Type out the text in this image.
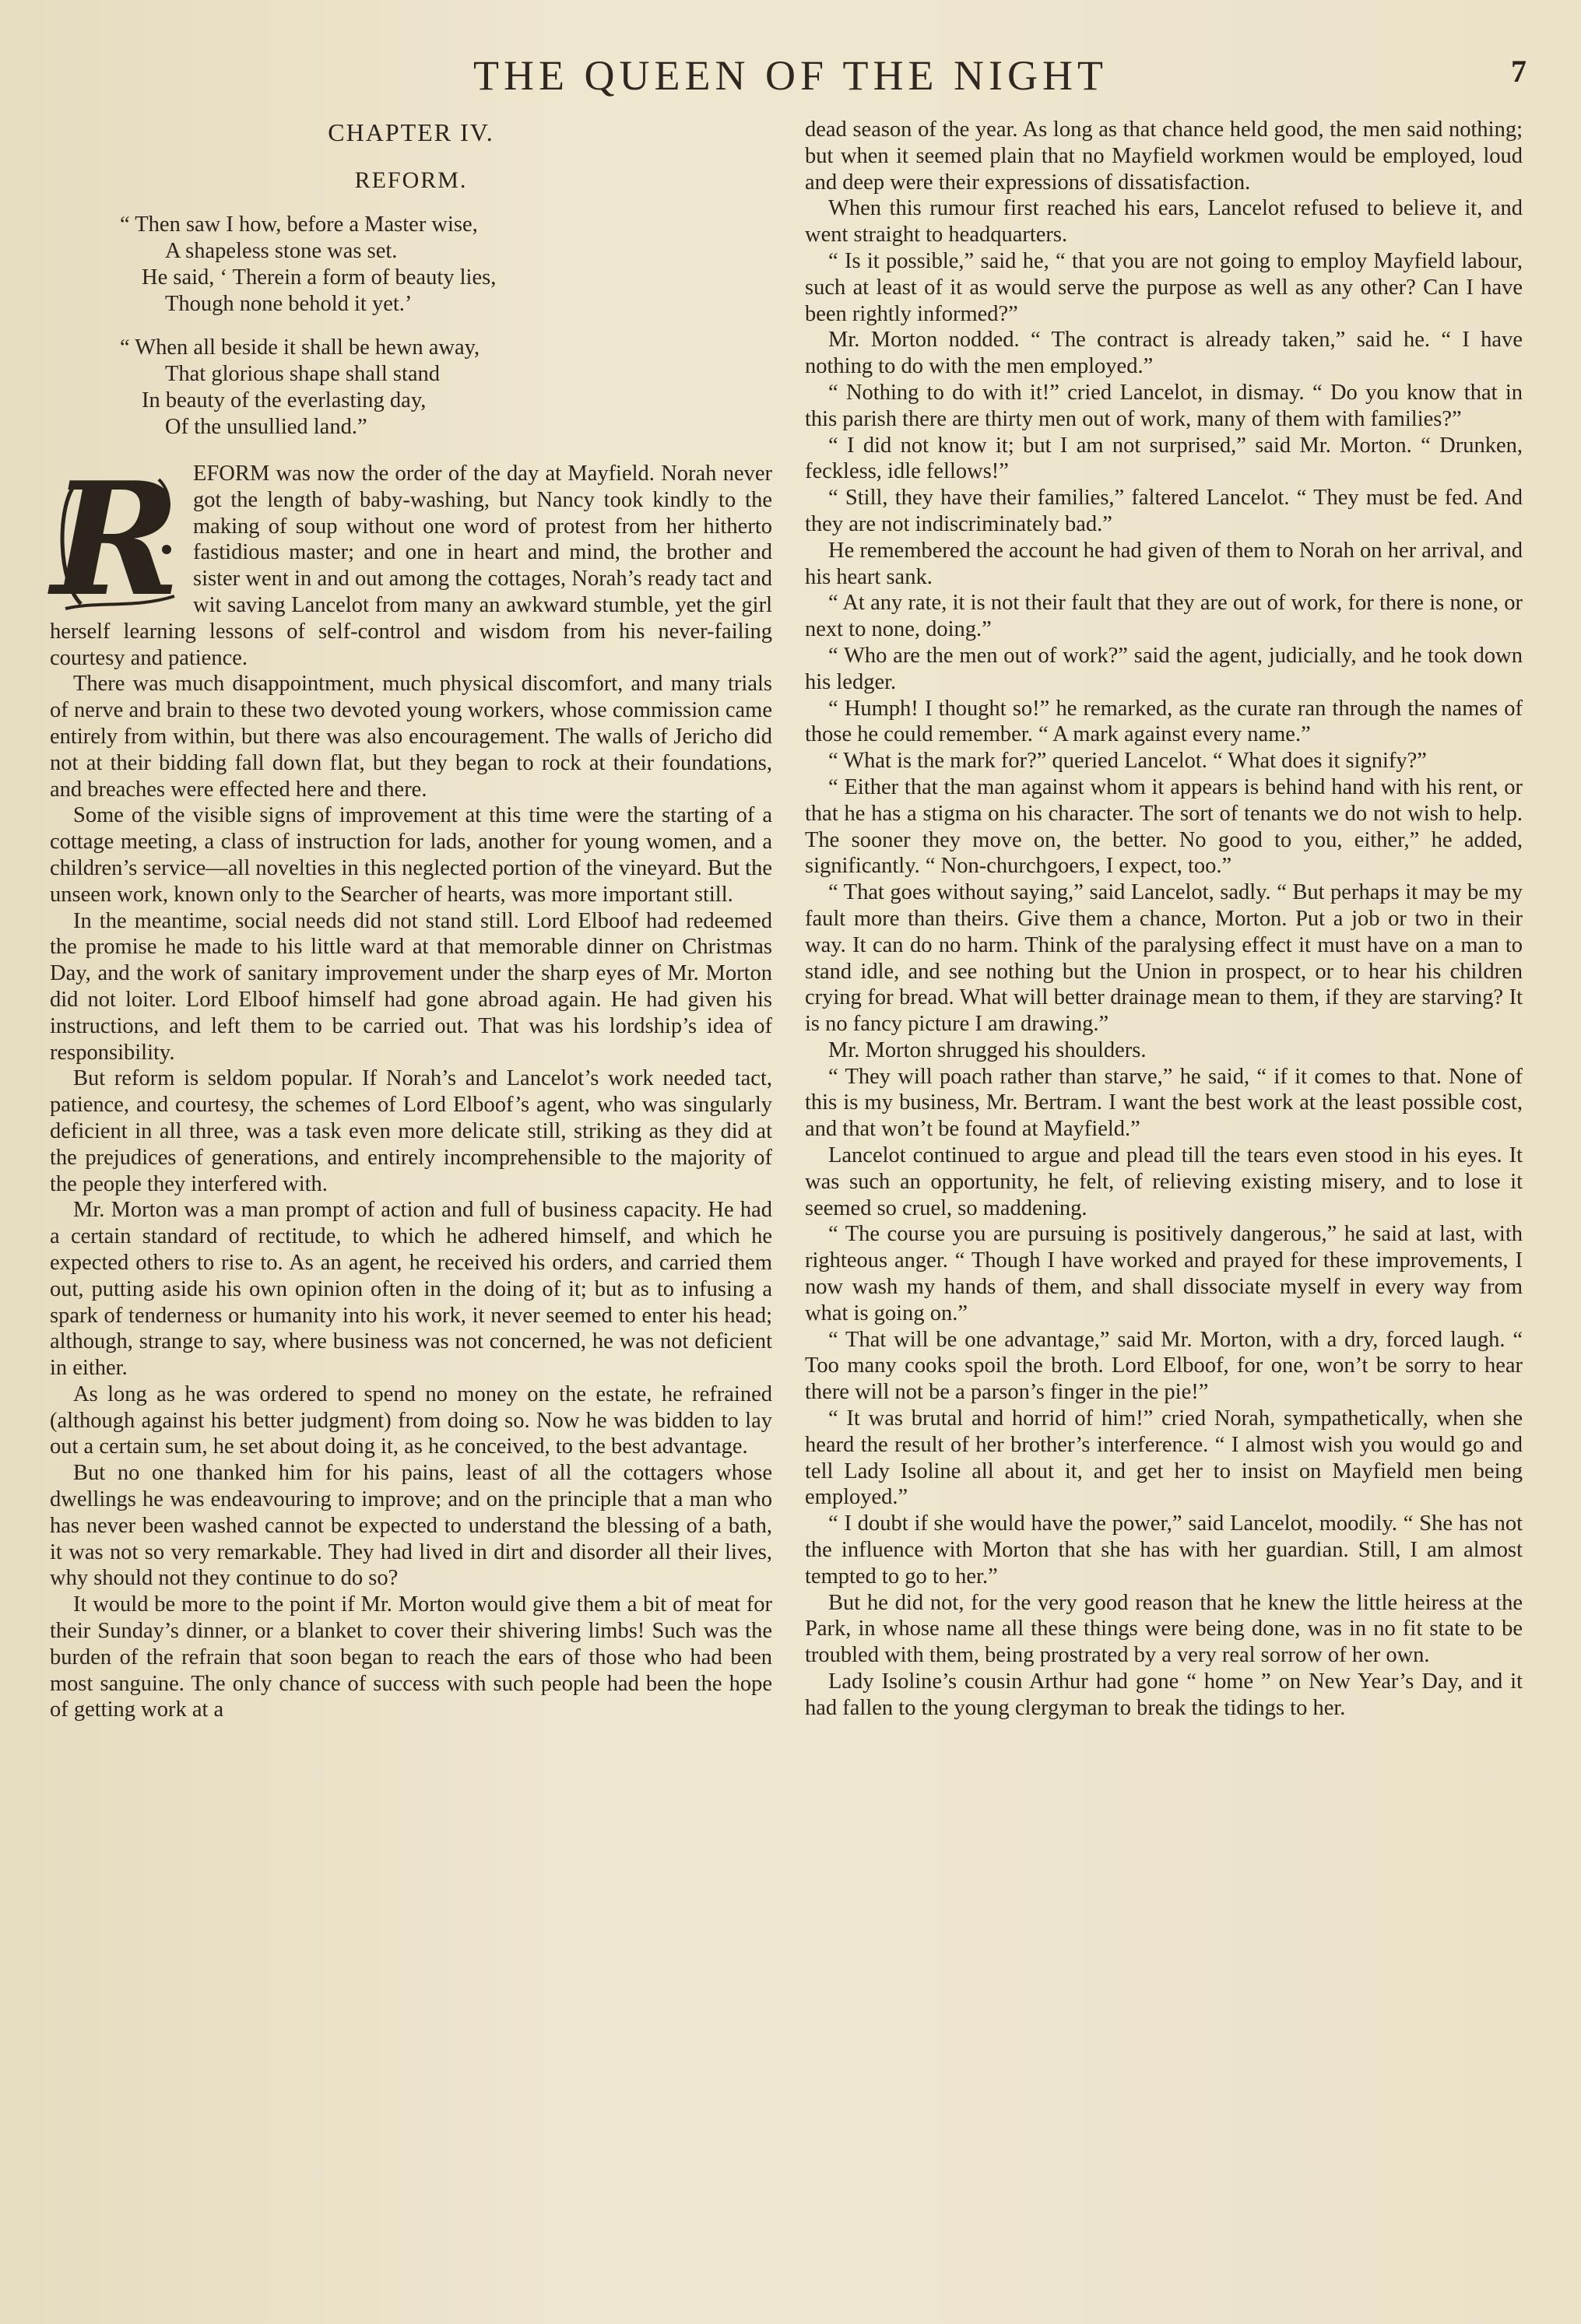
THE QUEEN OF THE NIGHT	7
CHAPTER IV.
REFORM.
“ Then saw I how, before a Master wise,
A shapeless stone was set.
He said, ‘ Therein a form of beauty lies,
Though none behold it yet.’
“ When all beside it shall be hewn away,
That glorious shape shall stand
In beauty of the everlasting day,
Of the unsullied land.”
R EFORM was now the order of the day at Mayfield. Norah never got the length of baby-washing, but Nancy took kindly to the making of soup without one word of protest from her hitherto fastidious master; and one in heart and mind, the brother and sister went in and out among the cottages, Norah’s ready tact and wit saving Lancelot from many an awkward stumble, yet the girl herself learning lessons of self-control and wisdom from his never-failing courtesy and patience.

There was much disappointment, much physical discomfort, and many trials of nerve and brain to these two devoted young workers, whose commission came entirely from within, but there was also encouragement. The walls of Jericho did not at their bidding fall down flat, but they began to rock at their foundations, and breaches were effected here and there.

Some of the visible signs of improvement at this time were the starting of a cottage meeting, a class of instruction for lads, another for young women, and a children’s service—all novelties in this neglected portion of the vineyard. But the unseen work, known only to the Searcher of hearts, was more important still.

In the meantime, social needs did not stand still. Lord Elboof had redeemed the promise he made to his little ward at that memorable dinner on Christmas Day, and the work of sanitary improvement under the sharp eyes of Mr. Morton did not loiter. Lord Elboof himself had gone abroad again. He had given his instructions, and left them to be carried out. That was his lordship’s idea of responsibility.

But reform is seldom popular. If Norah’s and Lancelot’s work needed tact, patience, and courtesy, the schemes of Lord Elboof’s agent, who was singularly deficient in all three, was a task even more delicate still, striking as they did at the prejudices of generations, and entirely incomprehensible to the majority of the people they interfered with.

Mr. Morton was a man prompt of action and full of business capacity. He had a certain standard of rectitude, to which he adhered himself, and which he expected others to rise to. As an agent, he received his orders, and carried them out, putting aside his own opinion often in the doing of it; but as to infusing a spark of tenderness or humanity into his work, it never seemed to enter his head; although, strange to say, where business was not concerned, he was not deficient in either.

As long as he was ordered to spend no money on the estate, he refrained (although against his better judgment) from doing so. Now he was bidden to lay out a certain sum, he set about doing it, as he conceived, to the best advantage.

But no one thanked him for his pains, least of all the cottagers whose dwellings he was endeavouring to improve; and on the principle that a man who has never been washed cannot be expected to understand the blessing of a bath, it was not so very remarkable. They had lived in dirt and disorder all their lives, why should not they continue to do so?

It would be more to the point if Mr. Morton would give them a bit of meat for their Sunday’s dinner, or a blanket to cover their shivering limbs! Such was the burden of the refrain that soon began to reach the ears of those who had been most sanguine. The only chance of success with such people had been the hope of getting work at a

dead season of the year. As long as that chance held good, the men said nothing; but when it seemed plain that no Mayfield workmen would be employed, loud and deep were their expressions of dissatisfaction.

When this rumour first reached his ears, Lancelot refused to believe it, and went straight to headquarters.

“ Is it possible,” said he, “ that you are not going to employ Mayfield labour, such at least of it as would serve the purpose as well as any other? Can I have been rightly informed?”

Mr. Morton nodded. “ The contract is already taken,” said he. “ I have nothing to do with the men employed.”

“ Nothing to do with it!” cried Lancelot, in dismay. “ Do you know that in this parish there are thirty men out of work, many of them with families?”

“ I did not know it; but I am not surprised,” said Mr. Morton. “ Drunken, feckless, idle fellows!”

“ Still, they have their families,” faltered Lancelot. “ They must be fed. And they are not indiscriminately bad.”

He remembered the account he had given of them to Norah on her arrival, and his heart sank.

“ At any rate, it is not their fault that they are out of work, for there is none, or next to none, doing.”

“ Who are the men out of work?” said the agent, judicially, and he took down his ledger.

“ Humph! I thought so!” he remarked, as the curate ran through the names of those he could remember. “ A mark against every name.”

“ What is the mark for?” queried Lancelot. “ What does it signify?”

“ Either that the man against whom it appears is behind hand with his rent, or that he has a stigma on his character. The sort of tenants we do not wish to help. The sooner they move on, the better. No good to you, either,” he added, significantly. “ Non-churchgoers, I expect, too.”

“ That goes without saying,” said Lancelot, sadly. “ But perhaps it may be my fault more than theirs. Give them a chance, Morton. Put a job or two in their way. It can do no harm. Think of the paralysing effect it must have on a man to stand idle, and see nothing but the Union in prospect, or to hear his children crying for bread. What will better drainage mean to them, if they are starving? It is no fancy picture I am drawing.”

Mr. Morton shrugged his shoulders.

“ They will poach rather than starve,” he said, “ if it comes to that. None of this is my business, Mr. Bertram. I want the best work at the least possible cost, and that won’t be found at Mayfield.”

Lancelot continued to argue and plead till the tears even stood in his eyes. It was such an opportunity, he felt, of relieving existing misery, and to lose it seemed so cruel, so maddening.

“ The course you are pursuing is positively dangerous,” he said at last, with righteous anger. “ Though I have worked and prayed for these improvements, I now wash my hands of them, and shall dissociate myself in every way from what is going on.”

“ That will be one advantage,” said Mr. Morton, with a dry, forced laugh. “ Too many cooks spoil the broth. Lord Elboof, for one, won’t be sorry to hear there will not be a parson’s finger in the pie!”

“ It was brutal and horrid of him!” cried Norah, sympathetically, when she heard the result of her brother’s interference. “ I almost wish you would go and tell Lady Isoline all about it, and get her to insist on Mayfield men being employed.”

“ I doubt if she would have the power,” said Lancelot, moodily. “ She has not the influence with Morton that she has with her guardian. Still, I am almost tempted to go to her.”

But he did not, for the very good reason that he knew the little heiress at the Park, in whose name all these things were being done, was in no fit state to be troubled with them, being prostrated by a very real sorrow of her own.

Lady Isoline’s cousin Arthur had gone “ home ” on New Year’s Day, and it had fallen to the young clergyman to break the tidings to her.
